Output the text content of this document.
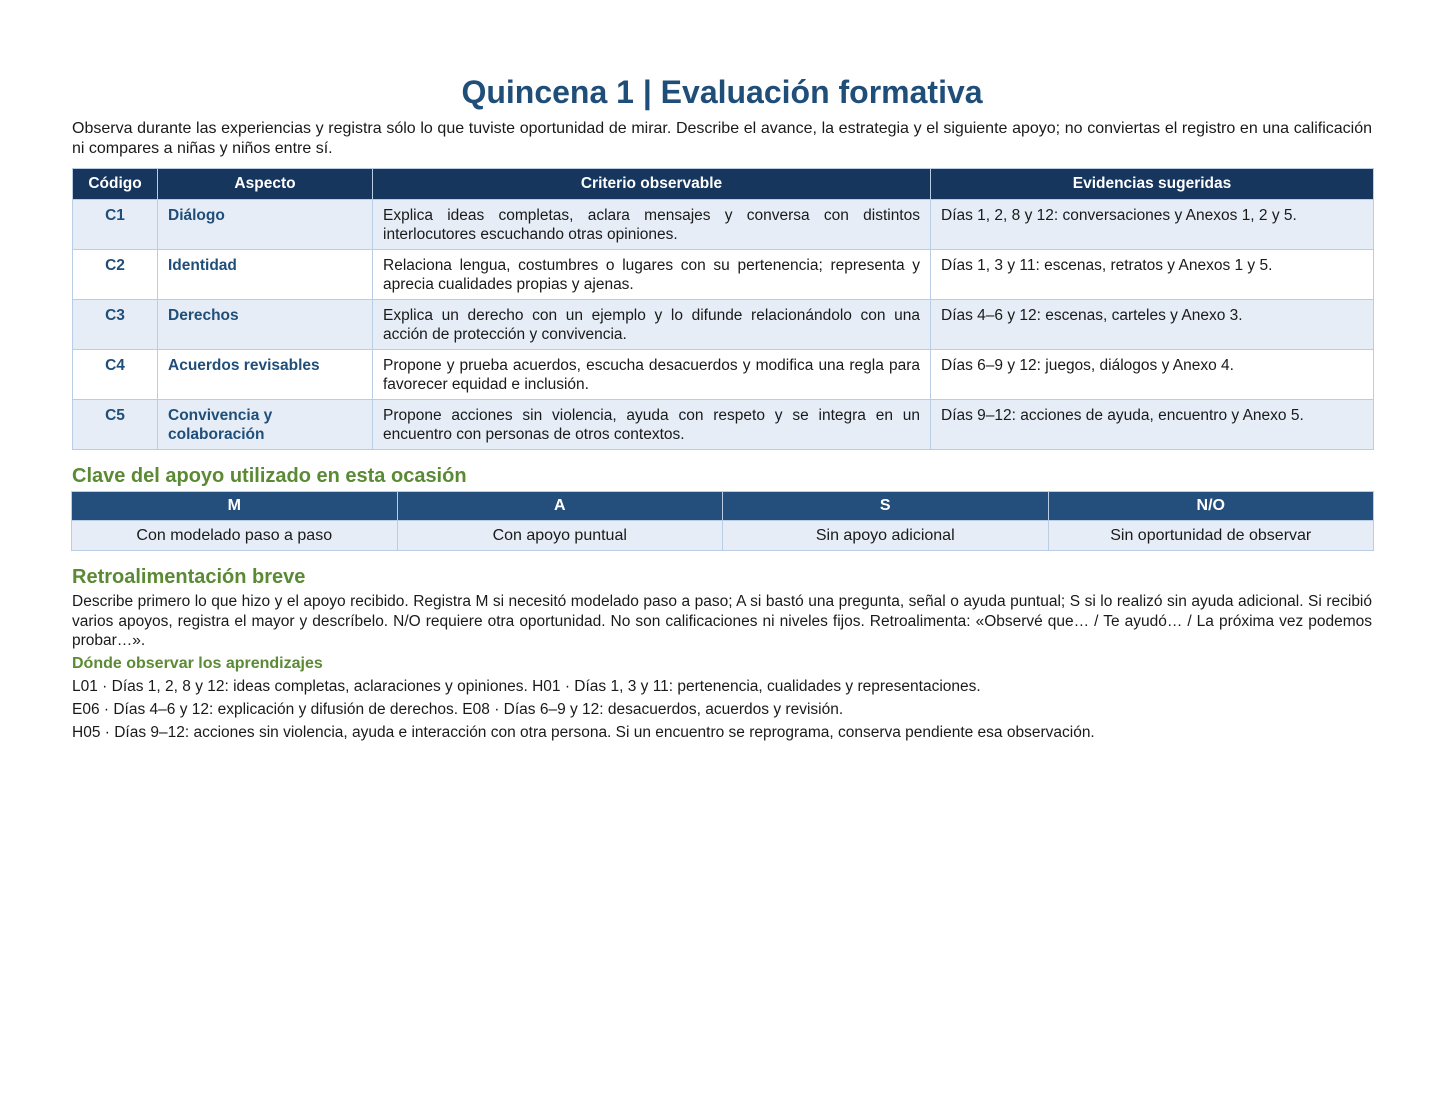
Quincena 1 | Evaluación formativa

Observa durante las experiencias y registra sólo lo que tuviste oportunidad de mirar. Describe el avance, la estrategia y el siguiente apoyo; no conviertas el registro en una calificación ni compares a niñas y niños entre sí.

Código	Aspecto	Criterio observable	Evidencias sugeridas
C1	Diálogo	Explica ideas completas, aclara mensajes y conversa con distintos interlocutores escuchando otras opiniones.	Días 1, 2, 8 y 12: conversaciones y Anexos 1, 2 y 5.
C2	Identidad	Relaciona lengua, costumbres o lugares con su pertenencia; representa y aprecia cualidades propias y ajenas.	Días 1, 3 y 11: escenas, retratos y Anexos 1 y 5.
C3	Derechos	Explica un derecho con un ejemplo y lo difunde relacionándolo con una acción de protección y convivencia.	Días 4–6 y 12: escenas, carteles y Anexo 3.
C4	Acuerdos revisables	Propone y prueba acuerdos, escucha desacuerdos y modifica una regla para favorecer equidad e inclusión.	Días 6–9 y 12: juegos, diálogos y Anexo 4.
C5	Convivencia y colaboración	Propone acciones sin violencia, ayuda con respeto y se integra en un encuentro con personas de otros contextos.	Días 9–12: acciones de ayuda, encuentro y Anexo 5.
Clave del apoyo utilizado en esta ocasión
M	A	S	N/O
Con modelado paso a paso	Con apoyo puntual	Sin apoyo adicional	Sin oportunidad de observar
Retroalimentación breve

Describe primero lo que hizo y el apoyo recibido. Registra M si necesitó modelado paso a paso; A si bastó una pregunta, señal o ayuda puntual; S si lo realizó sin ayuda adicional. Si recibió varios apoyos, registra el mayor y descríbelo. N/O requiere otra oportunidad. No son calificaciones ni niveles fijos. Retroalimenta: «Observé que… / Te ayudó… / La próxima vez podemos probar…».

Dónde observar los aprendizajes

L01 · Días 1, 2, 8 y 12: ideas completas, aclaraciones y opiniones. H01 · Días 1, 3 y 11: pertenencia, cualidades y representaciones.

E06 · Días 4–6 y 12: explicación y difusión de derechos. E08 · Días 6–9 y 12: desacuerdos, acuerdos y revisión.

H05 · Días 9–12: acciones sin violencia, ayuda e interacción con otra persona. Si un encuentro se reprograma, conserva pendiente esa observación.
